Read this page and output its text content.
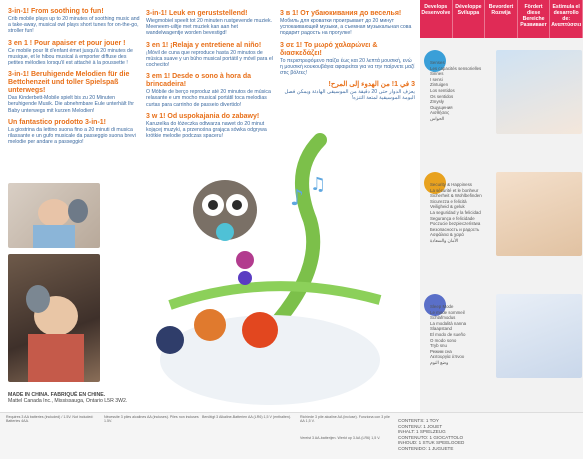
3-in-1! From soothing to fun!
Crib mobile plays up to 20 minutes of soothing music and a take-away, musical owl plays short tunes for on-the-go, stroller fun!
3 en 1 ! Pour apaiser et pour jouer !
Ce mobile pour lit d'enfant émet jusqu'à 20 minutes de musique, et le hibou musical à emporter diffuse des petites mélodies lorsqu'il est attaché à la poussette !
3-in-1! Beruhigende Melodien für die Bettchenzeit und toller Spielspaß unterwegs!
Das Kinderbett-Mobile spielt bis zu 20 Minuten beruhigende Musik. Die abnehmbare Eule unterhält Ihr Baby unterwegs mit kurzen Melodien!
Un fantastico prodotto 3-in-1!
La giostrina da lettino suona fino a 20 minuti di musica rilassante e un gufo musicale da passeggio suona brevi melodie per andare a passeggio!
3-in-1! Leuk en geruststellend!
Wiegmobiel speelt tot 20 minuten rustgevende muziek. Meeneem-uiltje met muziek kan aan het wandelwagentje worden bevestigd!
3 en 1! ¡Relaja y entretiene al niño!
¡Móvil de cuna que reproduce hasta 20 minutos de música suave y un búho musical portátil y móvil para el cochecito!
3 em 1! Desde o sono à hora da brincadeira!
O Móbile de berço reproduz até 20 minutos de música relaxante e um mocho musical portátil toca melodias curtas para carrinho de passeio divertido!
3 w 1! Od uspokajania do zabawy!
Karuzelka do łóżeczka odtwarza nawet do 20 minut kojącej muzyki, a przenośna grająca sówka odgrywa krótkie melodie podczas spaceru!
3 в 1! От убаюкивания до веселья!
Мобиль для кроватки проигрывает до 20 минут успокаивающей музыки, а съемная музыкальная сова подарит радость на прогулке!
3 σε 1! Το μωρό χαλαρώνει & διασκεδάζει!
Το περιστρεφόμενο παίζει έως και 20 λεπτά μουσική, ενώ η μουσική κουκουβάγια αφαιρείται για να την παίρνετε μαζί στις βόλτες!
3 في 1! من الهدوء إلى المرح!
يعزف الدوار حتى 20 دقيقة من الموسيقى الهادئة ويمكن فصل البومة الموسيقية لمتعة التنزه!
♪
♫
Develops Desenvolve
Développe Sviluppa
Bevordert Rozwija
Fördert diese Bereiche Развивает
Estimula el desarrollo de: Αναπτύσσει
Senses
Les capacités sensorielles
Sinnes
I sensi
Zintuigen
Los sentidos
Os sentidos
Zmysły
Ощущения
Αισθήσεις
الحواس
Security & Happiness
La sécurité et le bonheur
Sicherheit & Wohlbefinden
Sicurezza e felicità
Veiligheid & geluk
La seguridad y la felicidad
Segurança e felicidade
Poczucie bezpieczeństwa
Безопасность и радость
Ασφάλεια & χαρά
الأمان والسعادة
Sleep Mode
Le mode sommeil
Schlafmodus
La modalità nanna
Slaapstand
El modo de sueño
O modo sono
Tryb snu
Режим сна
Λειτουργία ύπνου
وضع النوم
MADE IN CHINA. FABRIQUÉ EN CHINE.
Mattel Canada Inc., Mississauga, Ontario L5R 3W2.
Requires 3 AA batteries (included) / 1.5V. Not included: Batteries 4AA.
Nécessite 3 piles alcalines AA (incluses). Piles non incluses 1.5V.
Benötigt 3 Alkaline-Batterien AA (LR6) 1,5 V (enthalten).	Richiede 3 pile alcaline AA (incluse). Funziona con 3 pile AA 1,5 V.
Vereist 3 AA-batterijen. Werkt op 3 AA (LR6) 1,5 V.
CONTENTS: 1 TOY
CONTENU: 1 JOUET
INHALT: 1 SPIELZEUG
CONTENUTO: 1 GIOCATTOLO
INHOUD: 1 STUK SPEELGOED
CONTENIDO: 1 JUGUETE
